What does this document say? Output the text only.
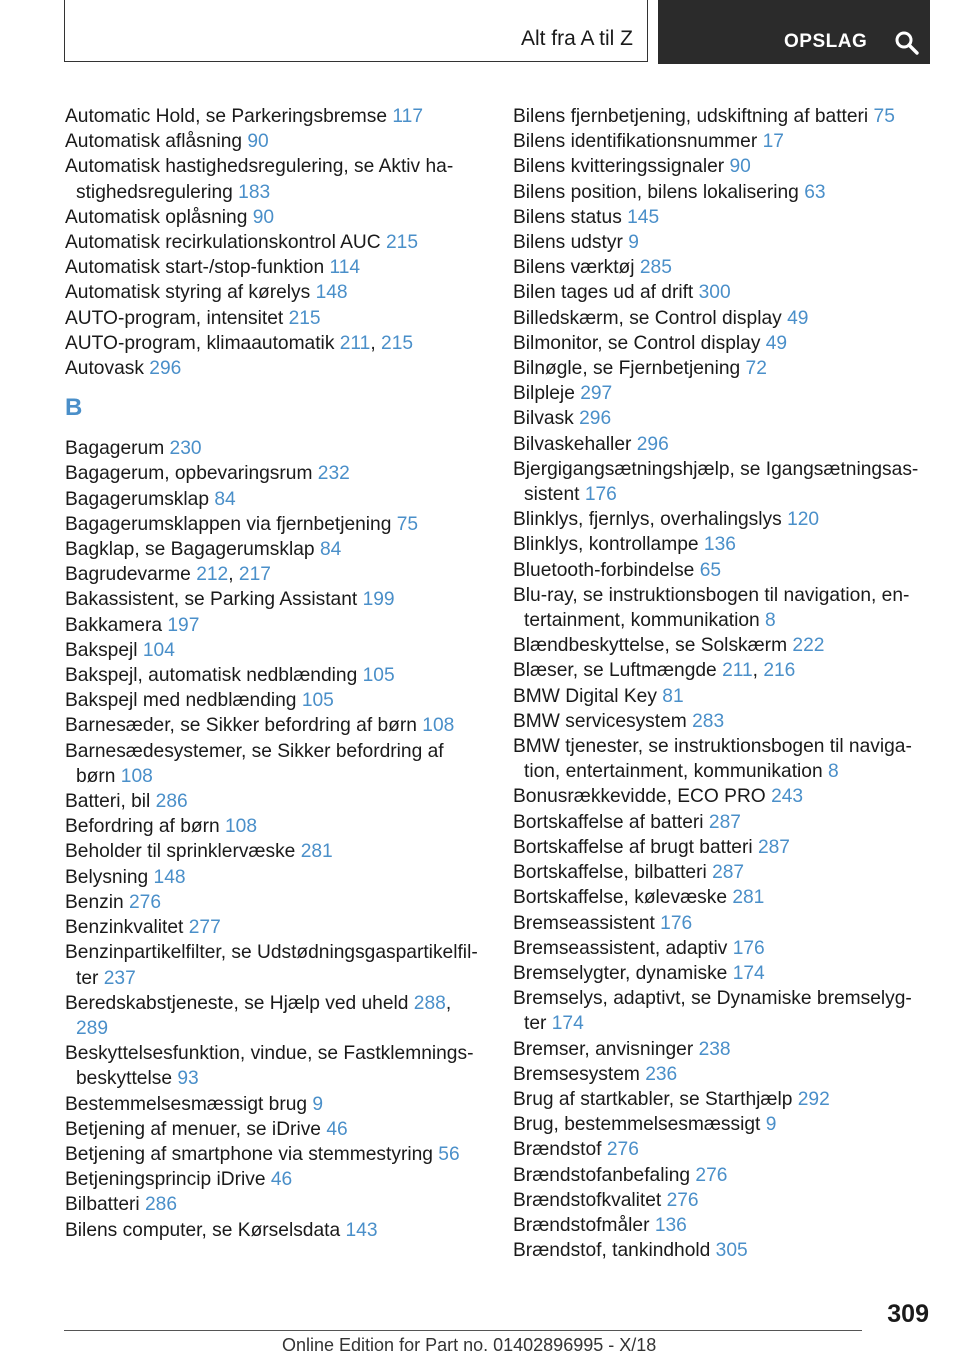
Alt fra A til Z	OPSLAG

Automatic Hold, se Parkeringsbremse 117

Automatisk aflåsning 90

Automatisk hastighedsregulering, se Aktiv ha-stighedsregulering 183

Automatisk oplåsning 90

Automatisk recirkulationskontrol AUC 215

Automatisk start-/stop-funktion 114

Automatisk styring af kørelys 148

AUTO-program, intensitet 215

AUTO-program, klimaautomatik 211, 215

Autovask 296

B

Bagagerum 230

Bagagerum, opbevaringsrum 232

Bagagerumsklap 84

Bagagerumsklappen via fjernbetjening 75

Bagklap, se Bagagerumsklap 84

Bagrudevarme 212, 217

Bakassistent, se Parking Assistant 199

Bakkamera 197

Bakspejl 104

Bakspejl, automatisk nedblænding 105

Bakspejl med nedblænding 105

Barnesæder, se Sikker befordring af børn 108

Barnesædesystemer, se Sikker befordring af børn 108

Batteri, bil 286

Befordring af børn 108

Beholder til sprinklervæske 281

Belysning 148

Benzin 276

Benzinkvalitet 277

Benzinpartikelfilter, se Udstødningsgaspartikelfil-ter 237

Beredskabstjeneste, se Hjælp ved uheld 288, 289

Beskyttelsesfunktion, vindue, se Fastklemnings-beskyttelse 93

Bestemmelsesmæssigt brug 9

Betjening af menuer, se iDrive 46

Betjening af smartphone via stemmestyring 56

Betjeningsprincip iDrive 46

Bilbatteri 286

Bilens computer, se Kørselsdata 143

Bilens fjernbetjening, udskiftning af batteri 75

Bilens identifikationsnummer 17

Bilens kvitteringssignaler 90

Bilens position, bilens lokalisering 63

Bilens status 145

Bilens udstyr 9

Bilens værktøj 285

Bilen tages ud af drift 300

Billedskærm, se Control display 49

Bilmonitor, se Control display 49

Bilnøgle, se Fjernbetjening 72

Bilpleje 297

Bilvask 296

Bilvaskehaller 296

Bjergigangsætningshjælp, se Igangsætningsas-sistent 176

Blinklys, fjernlys, overhalingslys 120

Blinklys, kontrollampe 136

Bluetooth-forbindelse 65

Blu-ray, se instruktionsbogen til navigation, en-tertainment, kommunikation 8

Blændbeskyttelse, se Solskærm 222

Blæser, se Luftmængde 211, 216

BMW Digital Key 81

BMW servicesystem 283

BMW tjenester, se instruktionsbogen til naviga-tion, entertainment, kommunikation 8

Bonusrækkevidde, ECO PRO 243

Bortskaffelse af batteri 287

Bortskaffelse af brugt batteri 287

Bortskaffelse, bilbatteri 287

Bortskaffelse, kølevæske 281

Bremseassistent 176

Bremseassistent, adaptiv 176

Bremselygter, dynamiske 174

Bremselys, adaptivt, se Dynamiske bremselyg-ter 174

Bremser, anvisninger 238

Bremsesystem 236

Brug af startkabler, se Starthjælp 292

Brug, bestemmelsesmæssigt 9

Brændstof 276

Brændstofanbefaling 276

Brændstofkvalitet 276

Brændstofmåler 136

Brændstof, tankindhold 305

309
Online Edition for Part no. 01402896995 - X/18
